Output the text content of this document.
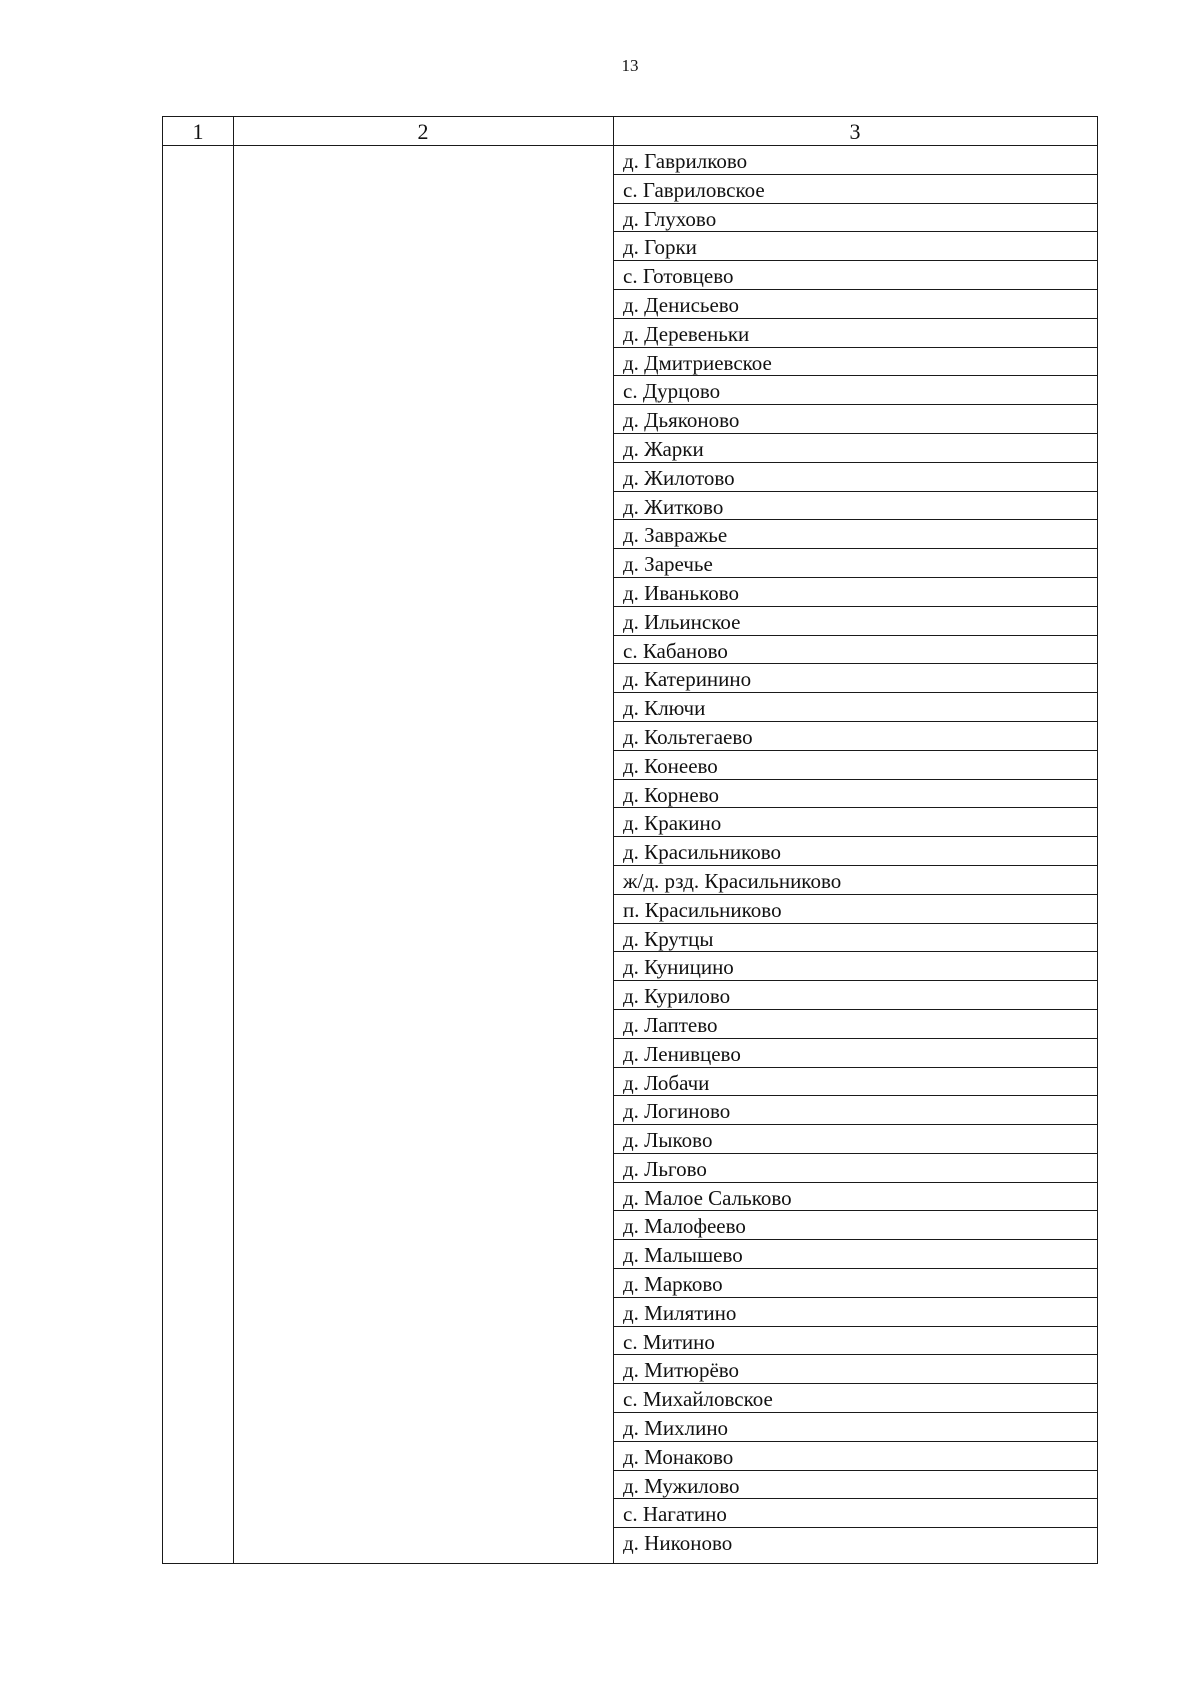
13
1	2	3
д. Гаврилково
с. Гавриловское
д. Глухово
д. Горки
с. Готовцево
д. Денисьево
д. Деревеньки
д. Дмитриевское
с. Дурцово
д. Дьяконово
д. Жарки
д. Жилотово
д. Житково
д. Завражье
д. Заречье
д. Иваньково
д. Ильинское
с. Кабаново
д. Катеринино
д. Ключи
д. Кольтегаево
д. Конеево
д. Корнево
д. Кракино
д. Красильниково
ж/д. рзд. Красильниково
п. Красильниково
д. Крутцы
д. Куницино
д. Курилово
д. Лаптево
д. Ленивцево
д. Лобачи
д. Логиново
д. Лыково
д. Льгово
д. Малое Сальково
д. Малофеево
д. Малышево
д. Марково
д. Милятино
с. Митино
д. Митюрёво
с. Михайловское
д. Михлино
д. Монаково
д. Мужилово
с. Нагатино
д. Никоново
